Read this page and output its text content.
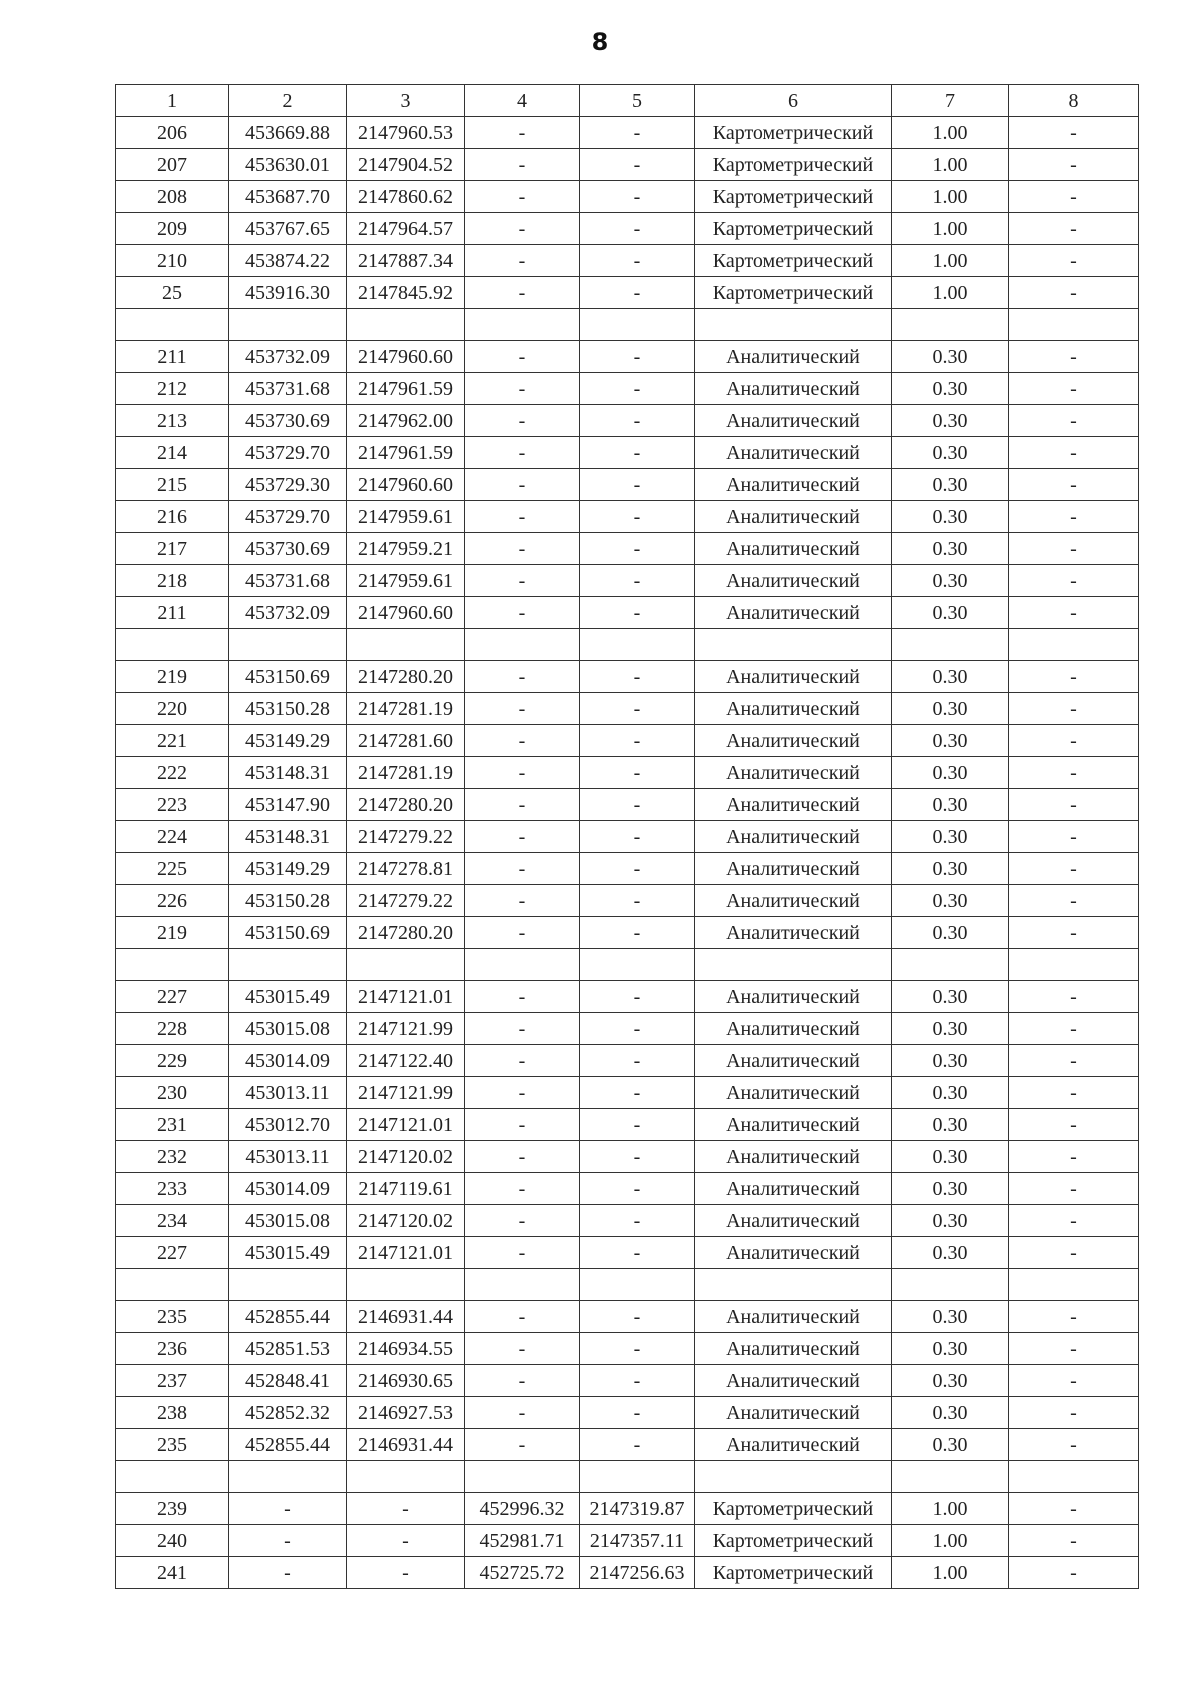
8
1	2	3	4	5	6	7	8
206	453669.88	2147960.53	-	-	Картометрический	1.00	-
207	453630.01	2147904.52	-	-	Картометрический	1.00	-
208	453687.70	2147860.62	-	-	Картометрический	1.00	-
209	453767.65	2147964.57	-	-	Картометрический	1.00	-
210	453874.22	2147887.34	-	-	Картометрический	1.00	-
25	453916.30	2147845.92	-	-	Картометрический	1.00	-

211	453732.09	2147960.60	-	-	Аналитический	0.30	-
212	453731.68	2147961.59	-	-	Аналитический	0.30	-
213	453730.69	2147962.00	-	-	Аналитический	0.30	-
214	453729.70	2147961.59	-	-	Аналитический	0.30	-
215	453729.30	2147960.60	-	-	Аналитический	0.30	-
216	453729.70	2147959.61	-	-	Аналитический	0.30	-
217	453730.69	2147959.21	-	-	Аналитический	0.30	-
218	453731.68	2147959.61	-	-	Аналитический	0.30	-
211	453732.09	2147960.60	-	-	Аналитический	0.30	-

219	453150.69	2147280.20	-	-	Аналитический	0.30	-
220	453150.28	2147281.19	-	-	Аналитический	0.30	-
221	453149.29	2147281.60	-	-	Аналитический	0.30	-
222	453148.31	2147281.19	-	-	Аналитический	0.30	-
223	453147.90	2147280.20	-	-	Аналитический	0.30	-
224	453148.31	2147279.22	-	-	Аналитический	0.30	-
225	453149.29	2147278.81	-	-	Аналитический	0.30	-
226	453150.28	2147279.22	-	-	Аналитический	0.30	-
219	453150.69	2147280.20	-	-	Аналитический	0.30	-

227	453015.49	2147121.01	-	-	Аналитический	0.30	-
228	453015.08	2147121.99	-	-	Аналитический	0.30	-
229	453014.09	2147122.40	-	-	Аналитический	0.30	-
230	453013.11	2147121.99	-	-	Аналитический	0.30	-
231	453012.70	2147121.01	-	-	Аналитический	0.30	-
232	453013.11	2147120.02	-	-	Аналитический	0.30	-
233	453014.09	2147119.61	-	-	Аналитический	0.30	-
234	453015.08	2147120.02	-	-	Аналитический	0.30	-
227	453015.49	2147121.01	-	-	Аналитический	0.30	-

235	452855.44	2146931.44	-	-	Аналитический	0.30	-
236	452851.53	2146934.55	-	-	Аналитический	0.30	-
237	452848.41	2146930.65	-	-	Аналитический	0.30	-
238	452852.32	2146927.53	-	-	Аналитический	0.30	-
235	452855.44	2146931.44	-	-	Аналитический	0.30	-

239	-	-	452996.32	2147319.87	Картометрический	1.00	-
240	-	-	452981.71	2147357.11	Картометрический	1.00	-
241	-	-	452725.72	2147256.63	Картометрический	1.00	-
